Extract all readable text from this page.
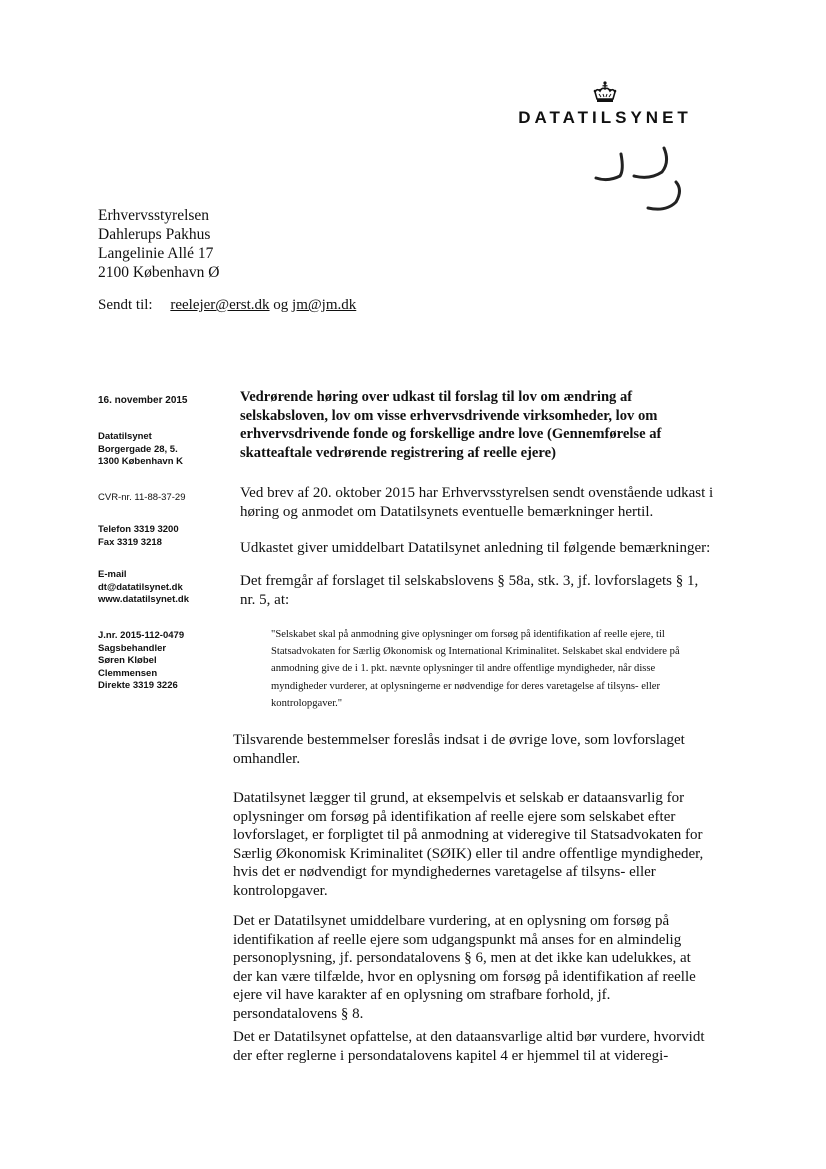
DATATILSYNET
Erhvervsstyrelsen
Dahlerups Pakhus
Langelinie Allé 17
2100 København Ø
Sendt til: reelejer@erst.dk og jm@jm.dk
16. november 2015
Datatilsynet
Borgergade 28, 5.
1300 København K
CVR-nr. 11-88-37-29
Telefon 3319 3200
Fax 3319 3218
E-mail
dt@datatilsynet.dk
www.datatilsynet.dk
J.nr. 2015-112-0479
Sagsbehandler
Søren Kløbel
Clemmensen
Direkte 3319 3226
Vedrørende høring over udkast til forslag til lov om ændring af selskabsloven, lov om visse erhvervsdrivende virksomheder, lov om erhvervsdrivende fonde og forskellige andre love (Gennemførelse af skatteaftale vedrørende registrering af reelle ejere)
Ved brev af 20. oktober 2015 har Erhvervsstyrelsen sendt ovenstående udkast i høring og anmodet om Datatilsynets eventuelle bemærkninger hertil.
Udkastet giver umiddelbart Datatilsynet anledning til følgende bemærkninger:
Det fremgår af forslaget til selskabslovens § 58a, stk. 3, jf. lovforslagets § 1, nr. 5, at:
"Selskabet skal på anmodning give oplysninger om forsøg på identifikation af reelle ejere, til Statsadvokaten for Særlig Økonomisk og International Kriminalitet. Selskabet skal endvidere på anmodning give de i 1. pkt. nævnte oplysninger til andre offentlige myndigheder, når disse myndigheder vurderer, at oplysningerne er nødvendige for deres varetagelse af tilsyns- eller kontrolopgaver."
Tilsvarende bestemmelser foreslås indsat i de øvrige love, som lovforslaget omhandler.
Datatilsynet lægger til grund, at eksempelvis et selskab er dataansvarlig for oplysninger om forsøg på identifikation af reelle ejere som selskabet efter lovforslaget, er forpligtet til på anmodning at videregive til Statsadvokaten for Særlig Økonomisk Kriminalitet (SØIK) eller til andre offentlige myndigheder, hvis det er nødvendigt for myndighedernes varetagelse af tilsyns- eller kontrolopgaver.
Det er Datatilsynet umiddelbare vurdering, at en oplysning om forsøg på identifikation af reelle ejere som udgangspunkt må anses for en almindelig personoplysning, jf. persondatalovens § 6, men at det ikke kan udelukkes, at der kan være tilfælde, hvor en oplysning om forsøg på identifikation af reelle ejere vil have karakter af en oplysning om strafbare forhold, jf. persondatalovens § 8.
Det er Datatilsynet opfattelse, at den dataansvarlige altid bør vurdere, hvorvidt der efter reglerne i persondatalovens kapitel 4 er hjemmel til at videregi-
